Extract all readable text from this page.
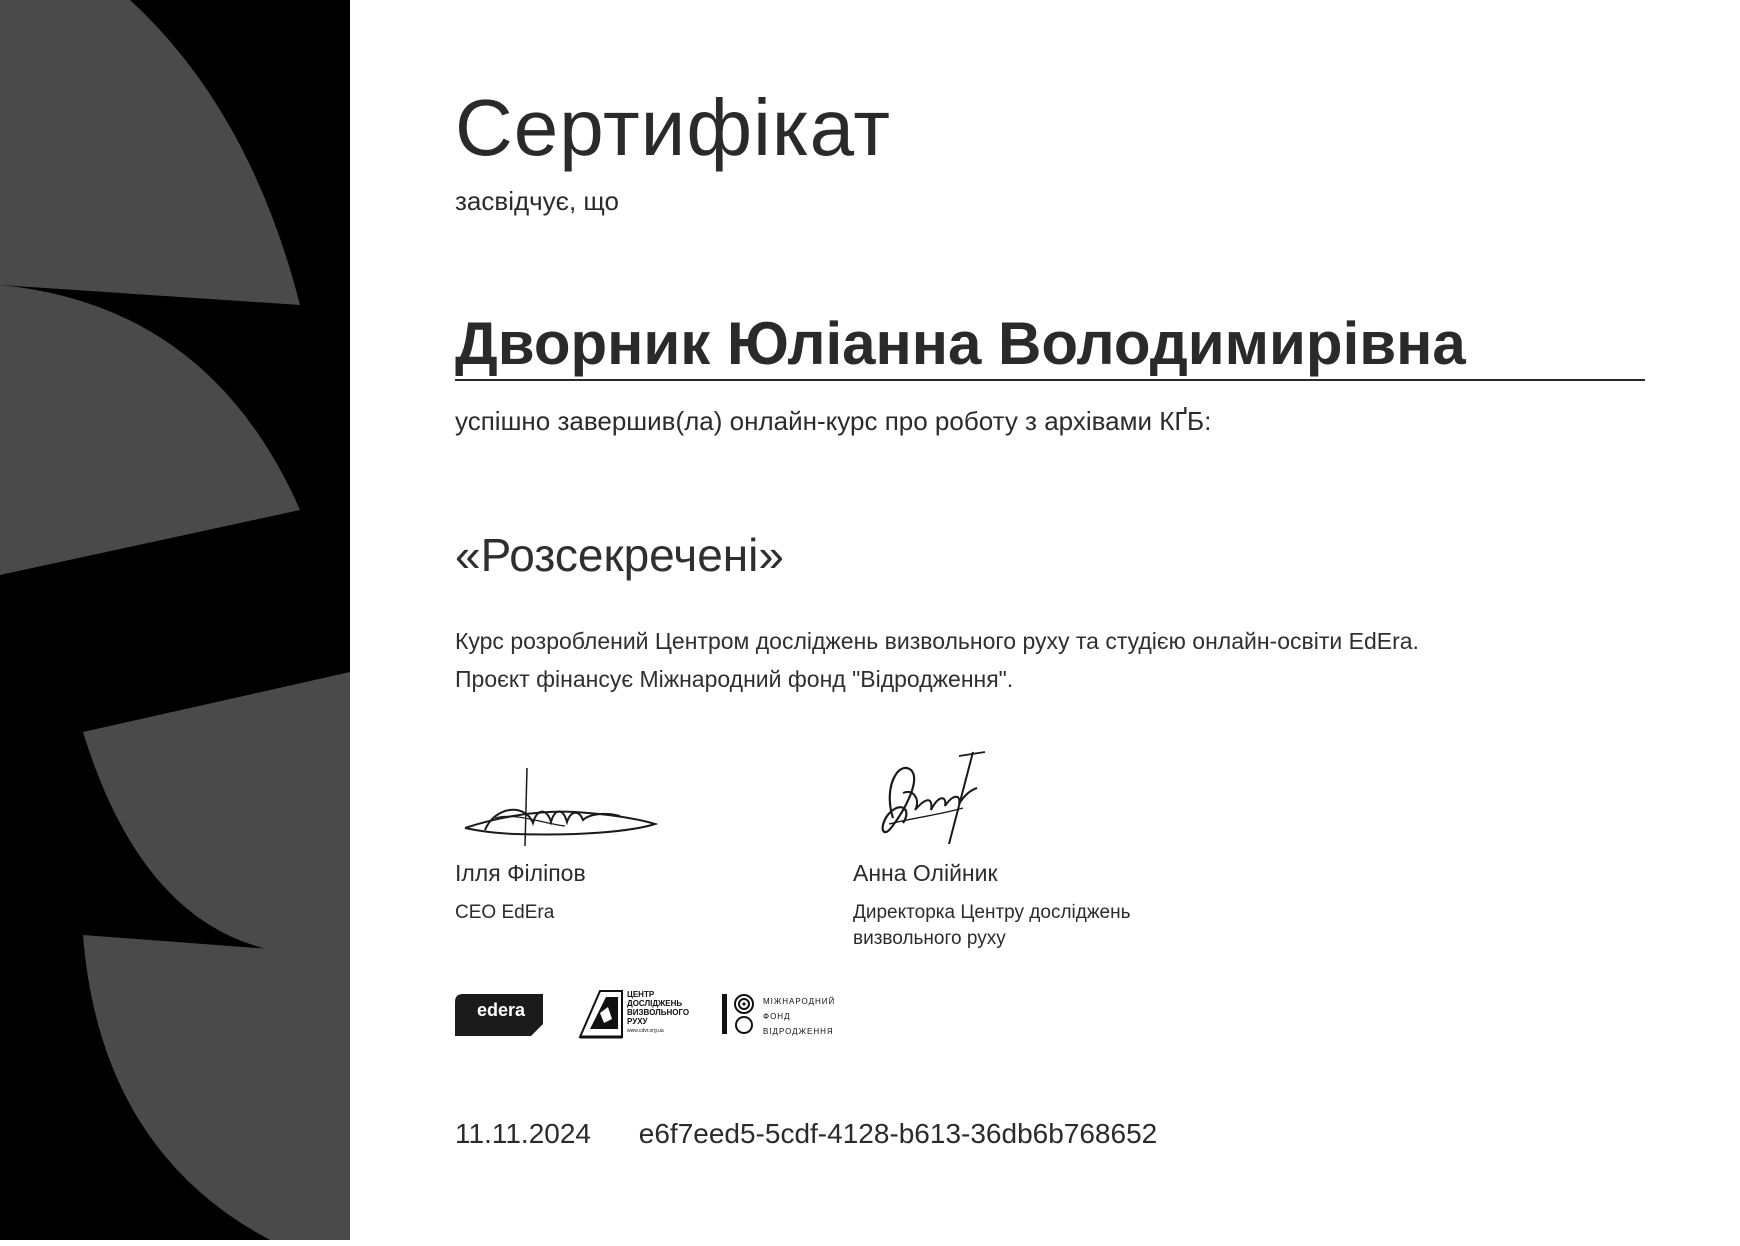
Сертифікат
засвідчує, що
Дворник Юліанна Володимирівна
успішно завершив(ла) онлайн-курс про роботу з архівами КҐБ:
«Розсекречені»
Курс розроблений Центром досліджень визвольного руху та студією онлайн-освіти EdEra.
Проєкт фінансує Міжнародний фонд "Відродження".
Ілля Філіпов
CEO EdEra
Анна Олійник
Директорка Центру досліджень визвольного руху
edera
ЦЕНТР
ДОСЛІДЖЕНЬ
ВИЗВОЛЬНОГО
РУХУ
www.cdvr.org.ua
МІЖНАРОДНИЙ
ФОНД
ВІДРОДЖЕННЯ
11.11.2024 e6f7eed5-5cdf-4128-b613-36db6b768652
